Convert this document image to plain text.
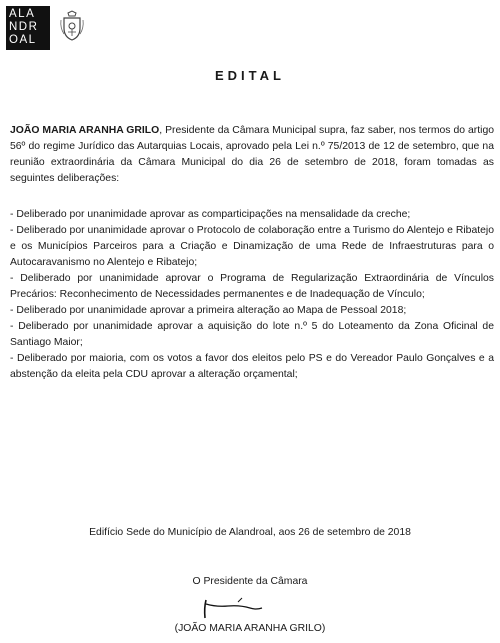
ALA
NDR
OAL
EDITAL

JOÃO MARIA ARANHA GRILO, Presidente da Câmara Municipal supra, faz saber, nos termos do artigo 56º do regime Jurídico das Autarquias Locais, aprovado pela Lei n.º 75/2013 de 12 de setembro, que na reunião extraordinária da Câmara Municipal do dia 26 de setembro de 2018, foram tomadas as seguintes deliberações:

- Deliberado por unanimidade aprovar as comparticipações na mensalidade da creche;

- Deliberado por unanimidade aprovar o Protocolo de colaboração entre a Turismo do Alentejo e Ribatejo e os Municípios Parceiros para a Criação e Dinamização de uma Rede de Infraestruturas para o Autocaravanismo no Alentejo e Ribatejo;

- Deliberado por unanimidade aprovar o Programa de Regularização Extraordinária de Vínculos Precários: Reconhecimento de Necessidades permanentes e de Inadequação de Vínculo;

- Deliberado por unanimidade aprovar a primeira alteração ao Mapa de Pessoal 2018;

- Deliberado por unanimidade aprovar a aquisição do lote n.º 5 do Loteamento da Zona Oficinal de Santiago Maior;

- Deliberado por maioria, com os votos a favor dos eleitos pelo PS e do Vereador Paulo Gonçalves e a abstenção da eleita pela CDU aprovar a alteração orçamental;

Edifício Sede do Município de Alandroal, aos 26 de setembro de 2018
O Presidente da Câmara
(JOÃO MARIA ARANHA GRILO)
